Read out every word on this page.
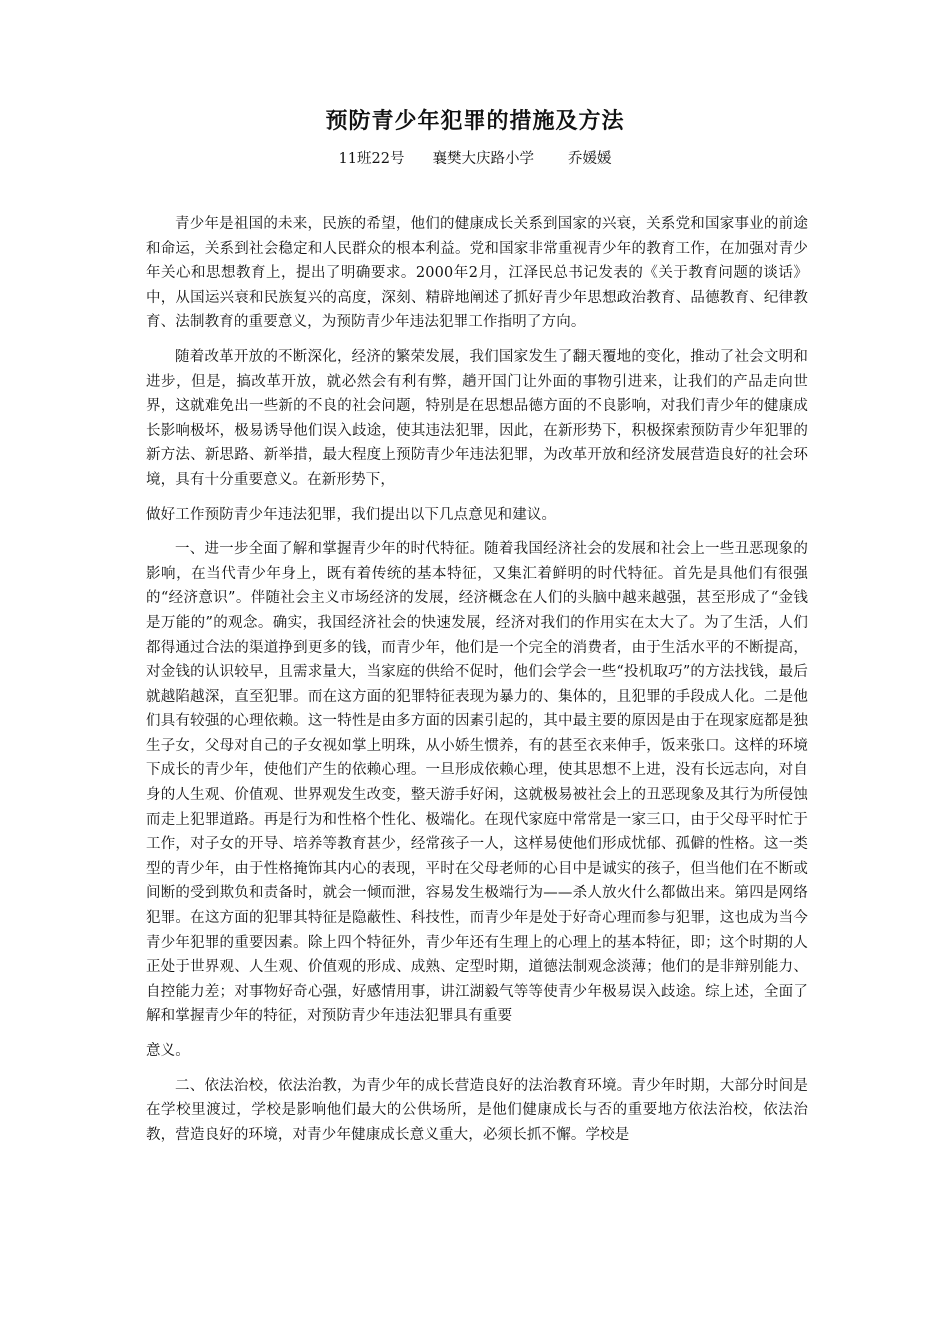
预防青少年犯罪的措施及方法
11班22号 襄樊大庆路小学 乔媛媛

青少年是祖国的未来，民族的希望，他们的健康成长关系到国家的兴衰，关系党和国家事业的前途和命运，关系到社会稳定和人民群众的根本利益。党和国家非常重视青少年的教育工作，在加强对青少年关心和思想教育上，提出了明确要求。2000年2月，江泽民总书记发表的《关于教育问题的谈话》中，从国运兴衰和民族复兴的高度，深刻、精辟地阐述了抓好青少年思想政治教育、品德教育、纪律教育、法制教育的重要意义，为预防青少年违法犯罪工作指明了方向。

随着改革开放的不断深化，经济的繁荣发展，我们国家发生了翻天覆地的变化，推动了社会文明和进步，但是，搞改革开放，就必然会有利有弊，趟开国门让外面的事物引进来，让我们的产品走向世界，这就难免出一些新的不良的社会问题，特别是在思想品德方面的不良影响，对我们青少年的健康成长影响极坏，极易诱导他们误入歧途，使其违法犯罪，因此，在新形势下，积极探索预防青少年犯罪的新方法、新思路、新举措，最大程度上预防青少年违法犯罪，为改革开放和经济发展营造良好的社会环境，具有十分重要意义。在新形势下，

做好工作预防青少年违法犯罪，我们提出以下几点意见和建议。

一、进一步全面了解和掌握青少年的时代特征。随着我国经济社会的发展和社会上一些丑恶现象的影响，在当代青少年身上，既有着传统的基本特征，又集汇着鲜明的时代特征。首先是具他们有很强的“经济意识”。伴随社会主义市场经济的发展，经济概念在人们的头脑中越来越强，甚至形成了“金钱是万能的”的观念。确实，我国经济社会的快速发展，经济对我们的作用实在太大了。为了生活，人们都得通过合法的渠道挣到更多的钱，而青少年，他们是一个完全的消费者，由于生活水平的不断提高，对金钱的认识较早，且需求量大，当家庭的供给不促时，他们会学会一些“投机取巧”的方法找钱，最后就越陷越深，直至犯罪。而在这方面的犯罪特征表现为暴力的、集体的，且犯罪的手段成人化。二是他们具有较强的心理依赖。这一特性是由多方面的因素引起的，其中最主要的原因是由于在现家庭都是独生子女，父母对自己的子女视如掌上明珠，从小娇生惯养，有的甚至衣来伸手，饭来张口。这样的环境下成长的青少年，使他们产生的依赖心理。一旦形成依赖心理，使其思想不上进，没有长远志向，对自身的人生观、价值观、世界观发生改变，整天游手好闲，这就极易被社会上的丑恶现象及其行为所侵蚀而走上犯罪道路。再是行为和性格个性化、极端化。在现代家庭中常常是一家三口，由于父母平时忙于工作，对子女的开导、培养等教育甚少，经常孩子一人，这样易使他们形成忧郁、孤僻的性格。这一类型的青少年，由于性格掩饰其内心的表现，平时在父母老师的心目中是诚实的孩子，但当他们在不断或间断的受到欺负和责备时，就会一倾而泄，容易发生极端行为——杀人放火什么都做出来。第四是网络犯罪。在这方面的犯罪其特征是隐蔽性、科技性，而青少年是处于好奇心理而参与犯罪，这也成为当今青少年犯罪的重要因素。除上四个特征外，青少年还有生理上的心理上的基本特征，即；这个时期的人正处于世界观、人生观、价值观的形成、成熟、定型时期，道德法制观念淡薄；他们的是非辩别能力、自控能力差；对事物好奇心强，好感情用事，讲江湖毅气等等使青少年极易误入歧途。综上述，全面了解和掌握青少年的特征，对预防青少年违法犯罪具有重要

意义。

二、依法治校，依法治教，为青少年的成长营造良好的法治教育环境。青少年时期，大部分时间是在学校里渡过，学校是影响他们最大的公供场所，是他们健康成长与否的重要地方依法治校，依法治教，营造良好的环境，对青少年健康成长意义重大，必须长抓不懈。学校是
